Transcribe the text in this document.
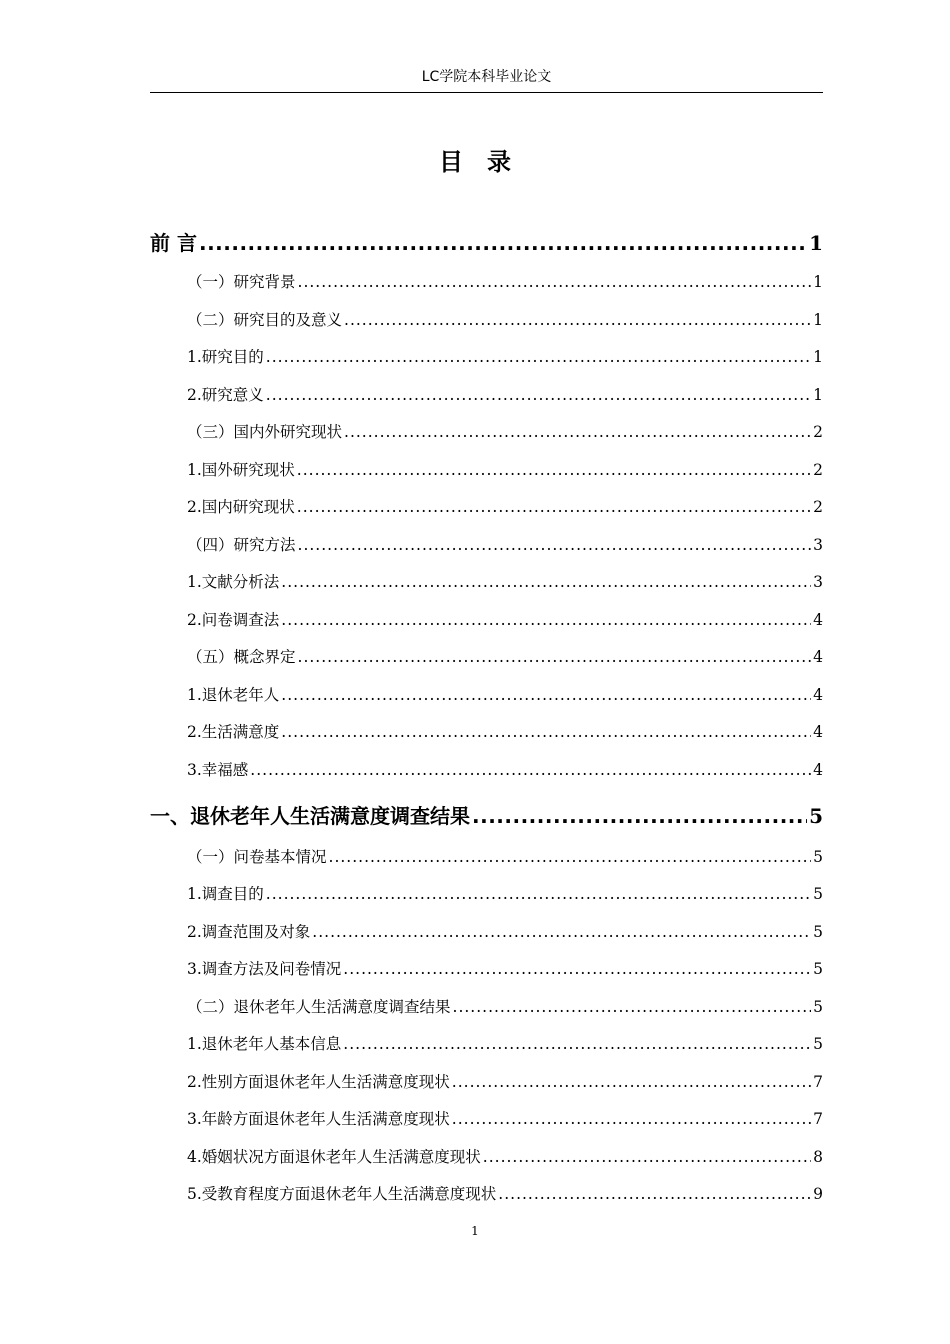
LC学院本科毕业论文
目录
前 言 .....	1
（一）研究背景 .....	1
（二）研究目的及意义 .....	1
1.研究目的 .....	1
2.研究意义 .....	1
（三）国内外研究现状 .....	2
1.国外研究现状 .....	2
2.国内研究现状 .....	2
（四）研究方法 .....	3
1.文献分析法 .....	3
2.问卷调查法 .....	4
（五）概念界定 .....	4
1.退休老年人 .....	4
2.生活满意度 .....	4
3.幸福感 .....	4
一、退休老年人生活满意度调查结果 .....	5
（一）问卷基本情况 .....	5
1.调查目的 .....	5
2.调查范围及对象 .....	5
3.调查方法及问卷情况 .....	5
（二）退休老年人生活满意度调查结果 .....	5
1.退休老年人基本信息 .....	5
2.性别方面退休老年人生活满意度现状 .....	7
3.年龄方面退休老年人生活满意度现状 .....	7
4.婚姻状况方面退休老年人生活满意度现状 .....	8
5.受教育程度方面退休老年人生活满意度现状 .....	9
1
